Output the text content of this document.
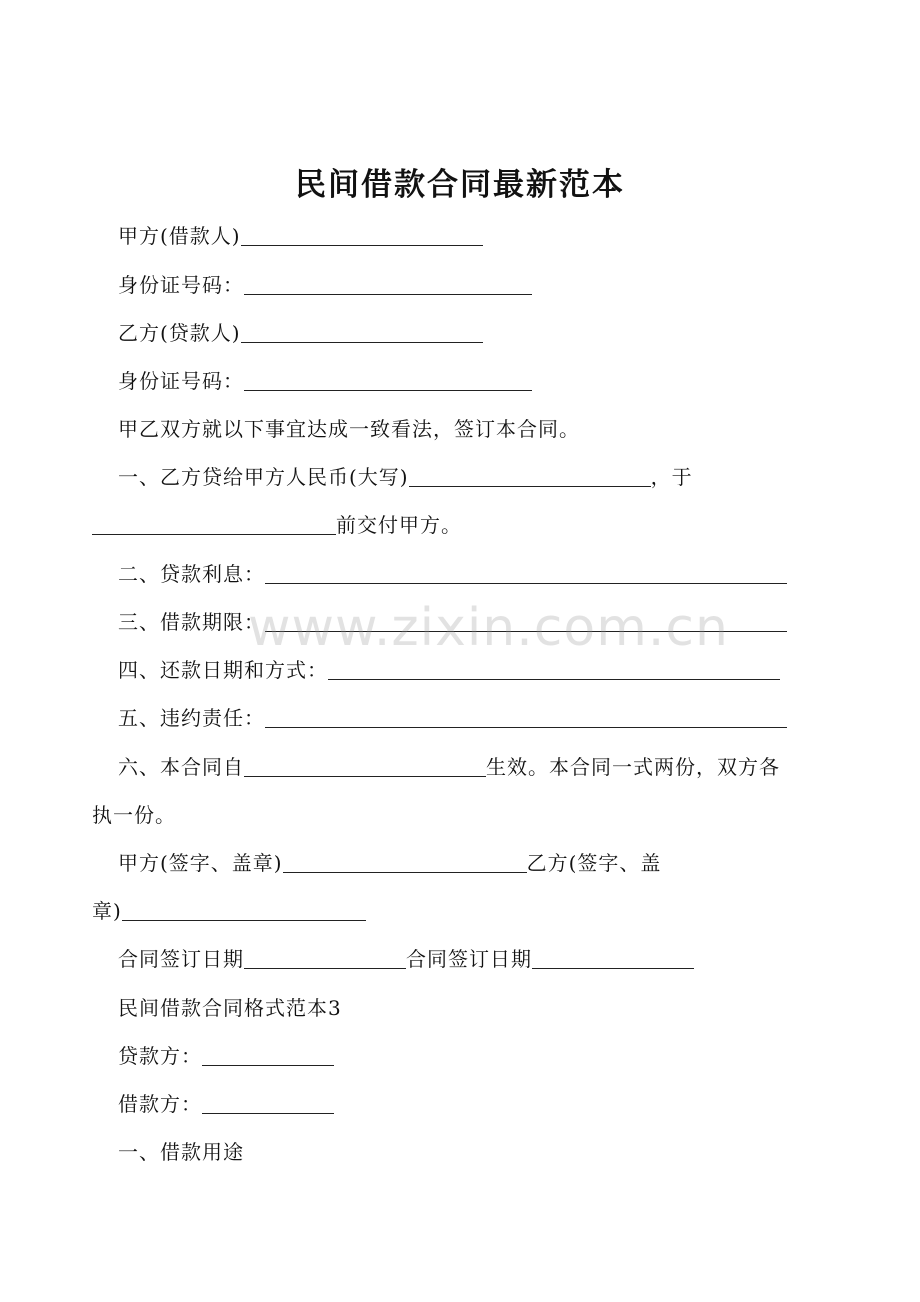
民间借款合同最新范本
甲方(借款人)
身份证号码：
乙方(贷款人)
身份证号码：
甲乙双方就以下事宜达成一致看法，签订本合同。
一、乙方贷给甲方人民币(大写)	，于
前交付甲方。
二、贷款利息：
三、借款期限：
四、还款日期和方式：
五、违约责任：
六、本合同自	生效。本合同一式两份，双方各
执一份。
甲方(签字、盖章)	乙方(签字、盖
章)
合同签订日期	合同签订日期
民间借款合同格式范本3
贷款方：
借款方：
一、借款用途
www.zixin.com.cn
